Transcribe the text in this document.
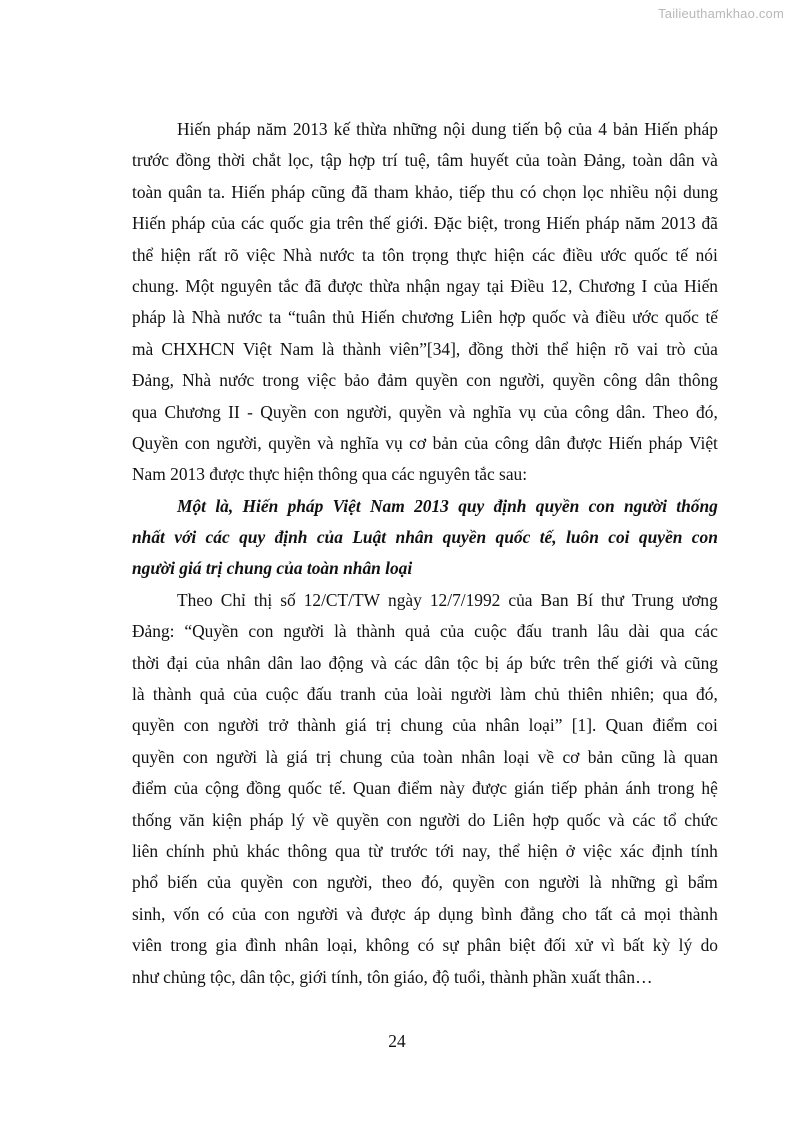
Tailieuthamkhao.com
Hiến pháp năm 2013 kế thừa những nội dung tiến bộ của 4 bản Hiến pháp
trước đồng thời chắt lọc, tập hợp trí tuệ, tâm huyết của toàn Đảng, toàn dân và
toàn quân ta. Hiến pháp cũng đã tham khảo, tiếp thu có chọn lọc nhiều nội dung
Hiến pháp của các quốc gia trên thế giới. Đặc biệt, trong Hiến pháp năm 2013 đã
thể hiện rất rõ việc Nhà nước ta tôn trọng thực hiện các điều ước quốc tế nói
chung. Một nguyên tắc đã được thừa nhận ngay tại Điều 12, Chương I của Hiến
pháp là Nhà nước ta “tuân thủ Hiến chương Liên hợp quốc và điều ước quốc tế
mà CHXHCN Việt Nam là thành viên”[34], đồng thời thể hiện rõ vai trò của
Đảng, Nhà nước trong việc bảo đảm quyền con người, quyền công dân thông
qua Chương II - Quyền con người, quyền và nghĩa vụ của công dân. Theo đó,
Quyền con người, quyền và nghĩa vụ cơ bản của công dân được Hiến pháp Việt
Nam 2013 được thực hiện thông qua các nguyên tắc sau:
Một là, Hiến pháp Việt Nam 2013 quy định quyền con người thống
nhất với các quy định của Luật nhân quyền quốc tế, luôn coi quyền con
người giá trị chung của toàn nhân loại
Theo Chỉ thị số 12/CT/TW ngày 12/7/1992 của Ban Bí thư Trung ương
Đảng: “Quyền con người là thành quả của cuộc đấu tranh lâu dài qua các
thời đại của nhân dân lao động và các dân tộc bị áp bức trên thế giới và cũng
là thành quả của cuộc đấu tranh của loài người làm chủ thiên nhiên; qua đó,
quyền con người trở thành giá trị chung của nhân loại” [1]. Quan điểm coi
quyền con người là giá trị chung của toàn nhân loại về cơ bản cũng là quan
điểm của cộng đồng quốc tế. Quan điểm này được gián tiếp phản ánh trong hệ
thống văn kiện pháp lý về quyền con người do Liên hợp quốc và các tổ chức
liên chính phủ khác thông qua từ trước tới nay, thể hiện ở việc xác định tính
phổ biến của quyền con người, theo đó, quyền con người là những gì bẩm
sinh, vốn có của con người và được áp dụng bình đẳng cho tất cả mọi thành
viên trong gia đình nhân loại, không có sự phân biệt đối xử vì bất kỳ lý do
như chủng tộc, dân tộc, giới tính, tôn giáo, độ tuổi, thành phần xuất thân…
24
